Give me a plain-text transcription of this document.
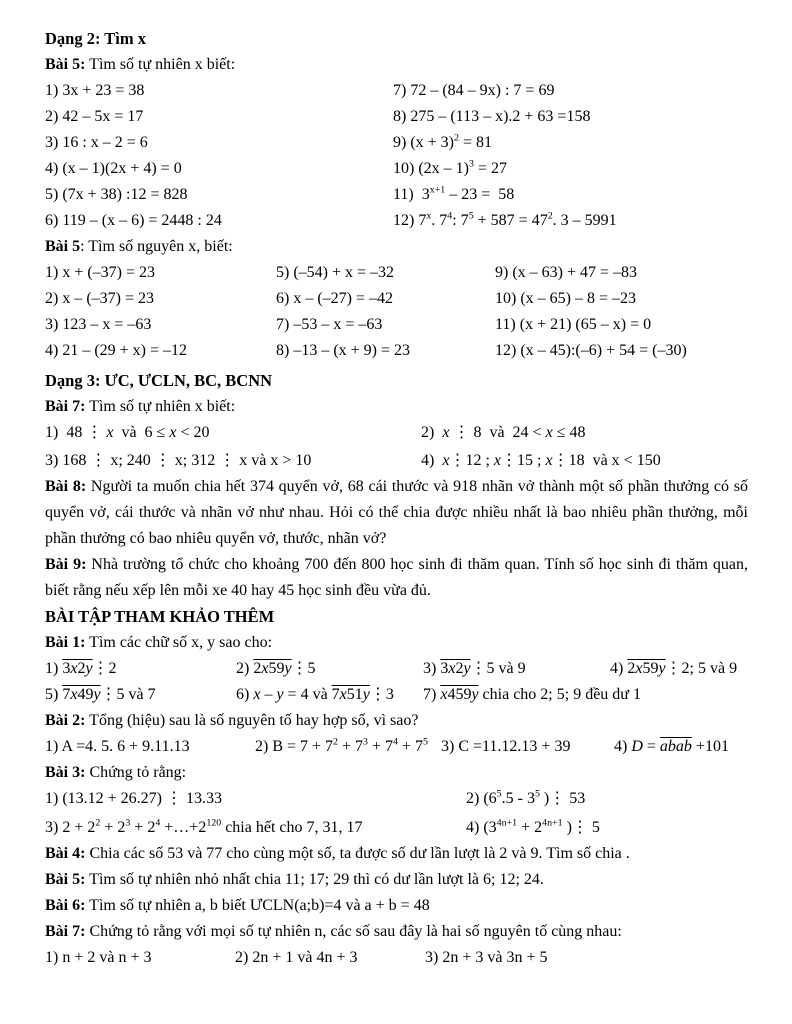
Dạng 2: Tìm x

Bài 5: Tìm số tự nhiên x biết:

1) 3x + 23 = 38	7) 72 – (84 – 9x) : 7 = 69
2) 42 – 5x = 17	8) 275 – (113 – x).2 + 63 =158
3) 16 : x – 2 = 6	9) $(x + 3)^2 = 81$
4) (x – 1)(2x + 4) = 0	10) (2x – 1)$^3$ = 27
5) (7x + 38) :12 = 828	11)  $3^{x+1} - 23 = 58$
6) 119 – (x – 6) = 2448 : 24	12) 7$^x$. $7^4$: $7^5 + 587 = 47^2$. 3 – 5991

Bài 5: Tìm số nguyên x, biết:

1) x + (–37) = 23	5) (–54) + x = –32	9) (x – 63) + 47 = –83
2) x – (–37) = 23	6) x – (–27) = –42	10) (x – 65) – 8 = –23
3) 123 – x = –63	7) –53 – x = –63	11) (x + 21) (65 – x) = 0
4) 21 – (29 + x) = –12	8) –13 – (x + 9) = 23	12) (x – 45):(–6) + 54 = (–30)

Dạng 3: ƯC, ƯCLN, BC, BCNN

Bài 7: Tìm số tự nhiên x biết:

1)  48 ⋮ x  và  6 ≤ x < 20	2)  x ⋮ 8  và  24 < x ≤ 48
3) 168 ⋮ x; 240 ⋮ x; 312 ⋮ x và x > 10	4)  x⋮12 ; x⋮15 ; x⋮18  và x < 150

Bài 8: Người ta muốn chia hết 374 quyển vở, 68 cái thước và 918 nhãn vở thành một số phần thưởng có số quyển vở, cái thước và nhãn vở như nhau. Hỏi có thể chia được nhiều nhất là bao nhiêu phần thưởng, mỗi phần thưởng có bao nhiêu quyển vở, thước, nhãn vở?

Bài 9: Nhà trường tổ chức cho khoảng 700 đến 800 học sinh đi thăm quan. Tính số học sinh đi thăm quan, biết rằng nếu xếp lên mỗi xe 40 hay 45 học sinh đều vừa đủ.

BÀI TẬP THAM KHẢO THÊM

Bài 1: Tìm các chữ số x, y sao cho:

1) 3x2y⋮2	2) 2x59y⋮5	3) 3x2y⋮5 và 9	4) 2x59y⋮2; 5 và 9
5) 7x49y⋮5 và 7	6) x – y = 4 và 7x51y⋮3	7) x459y chia cho 2; 5; 9 đều dư 1

Bài 2: Tổng (hiệu) sau là số nguyên tố hay hợp số, vì sao?

1) A =4. 5. 6 + 9.11.13	2) $B = 7 + 7^2 + 7^3 + 7^4 + 7^5$ 3) C =11.12.13 + 39	4) D = abab +101

Bài 3: Chứng tỏ rằng:

1) (13.12 + 26.27) ⋮ 13.33	2) ($6^5.5 - 3^5$ )⋮ 53
3) $2 + 2^2 + 2^3 + 2^4$ $+\dots+2^{120}$ chia hết cho 7, 31, 17	4) ($3^{4n+1} + 2^{4n+1}$ )⋮ 5

Bài 4: Chia các số 53 và 77 cho cùng một số, ta được số dư lần lượt là 2 và 9. Tìm số chia .

Bài 5: Tìm số tự nhiên nhỏ nhất chia 11; 17; 29 thì có dư lần lượt là 6; 12; 24.

Bài 6: Tìm số tự nhiên a, b biết ƯCLN(a;b)=4 và a + b = 48

Bài 7: Chứng tỏ rằng với mọi số tự nhiên n, các số sau đây là hai số nguyên tố cùng nhau:

1) n + 2 và n + 3	2) 2n + 1 và 4n + 3	3) 2n + 3 và 3n + 5
